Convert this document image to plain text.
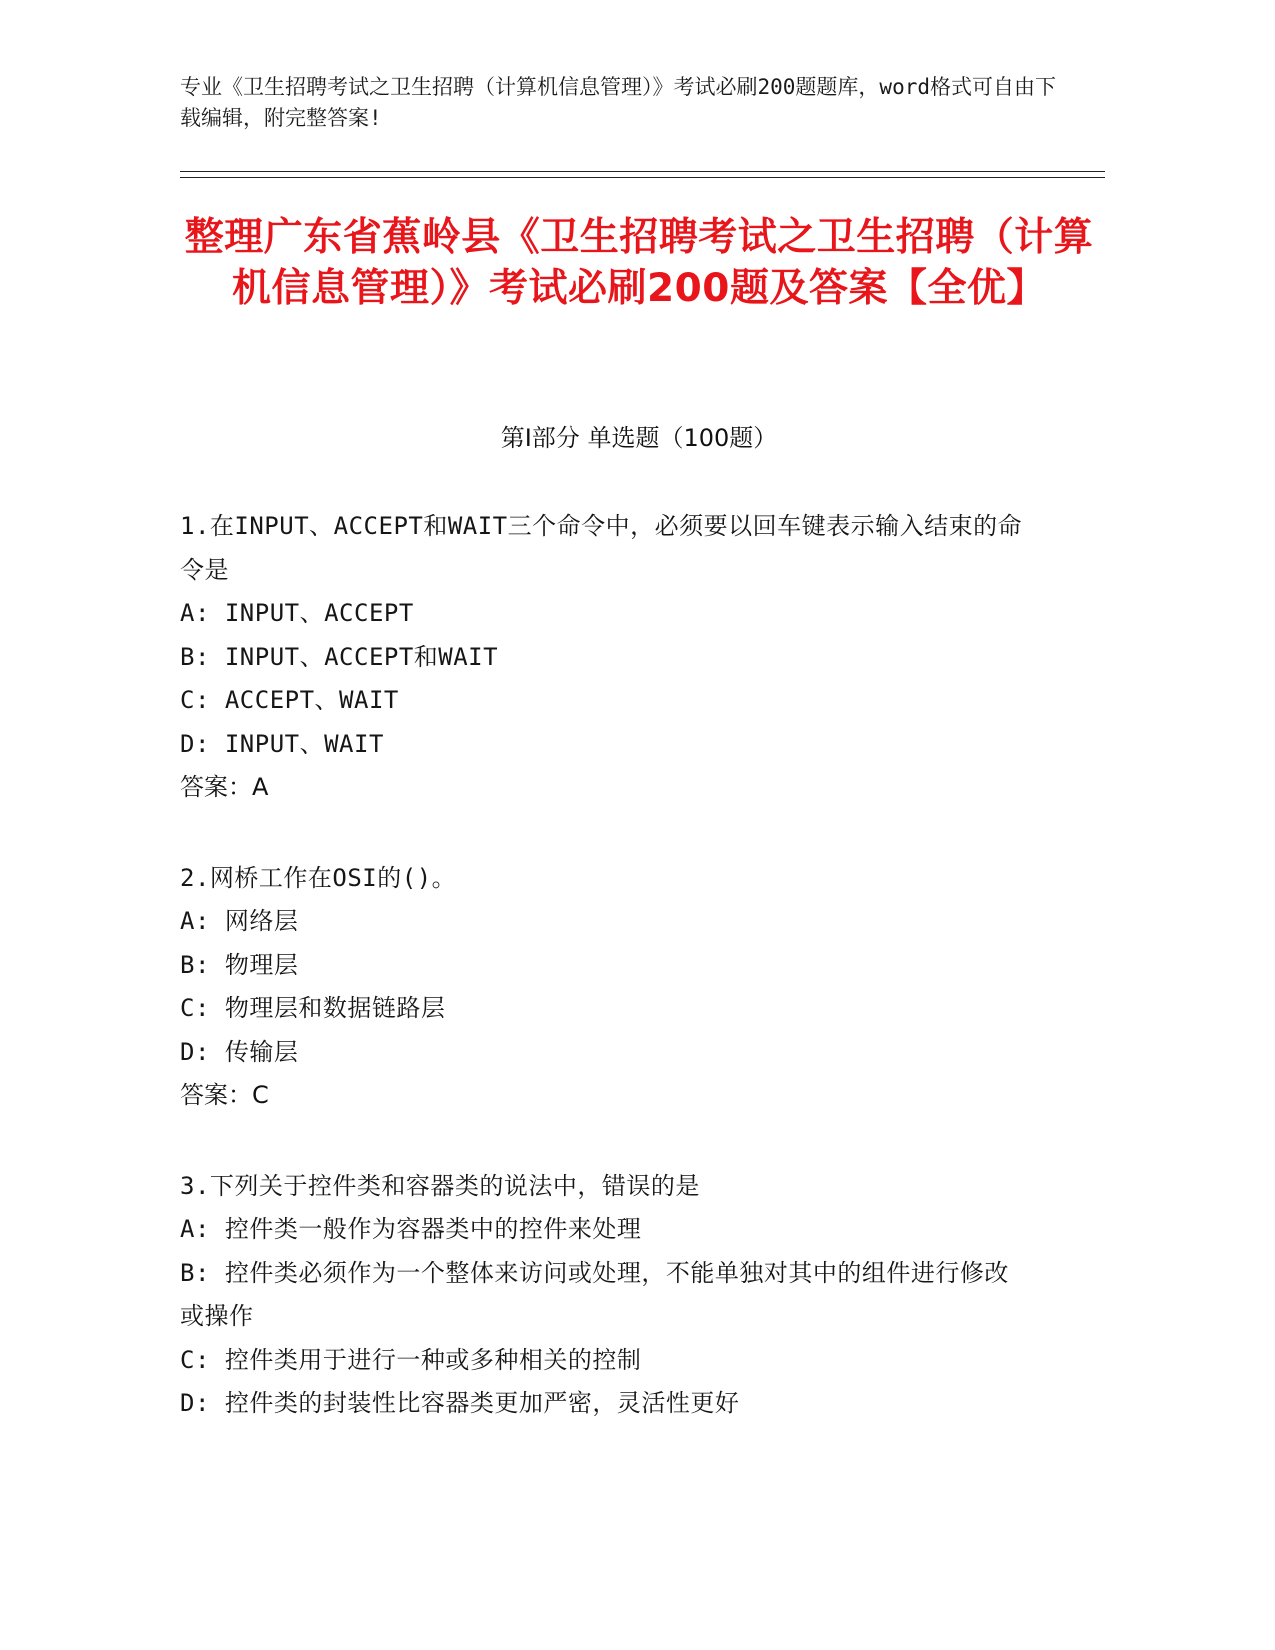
专业《卫生招聘考试之卫生招聘（计算机信息管理）》考试必刷200题题库，word格式可自由下载编辑，附完整答案!
整理广东省蕉岭县《卫生招聘考试之卫生招聘（计算机信息管理）》考试必刷200题及答案【全优】
第I部分 单选题（100题）
1.在INPUT、ACCEPT和WAIT三个命令中，必须要以回车键表示输入结束的命令是
A: INPUT、ACCEPT
B: INPUT、ACCEPT和WAIT
C: ACCEPT、WAIT
D: INPUT、WAIT
答案：A
2.网桥工作在OSI的()。
A: 网络层
B: 物理层
C: 物理层和数据链路层
D: 传输层
答案：C
3.下列关于控件类和容器类的说法中，错误的是
A: 控件类一般作为容器类中的控件来处理
B: 控件类必须作为一个整体来访问或处理，不能单独对其中的组件进行修改或操作
C: 控件类用于进行一种或多种相关的控制
D: 控件类的封装性比容器类更加严密，灵活性更好
